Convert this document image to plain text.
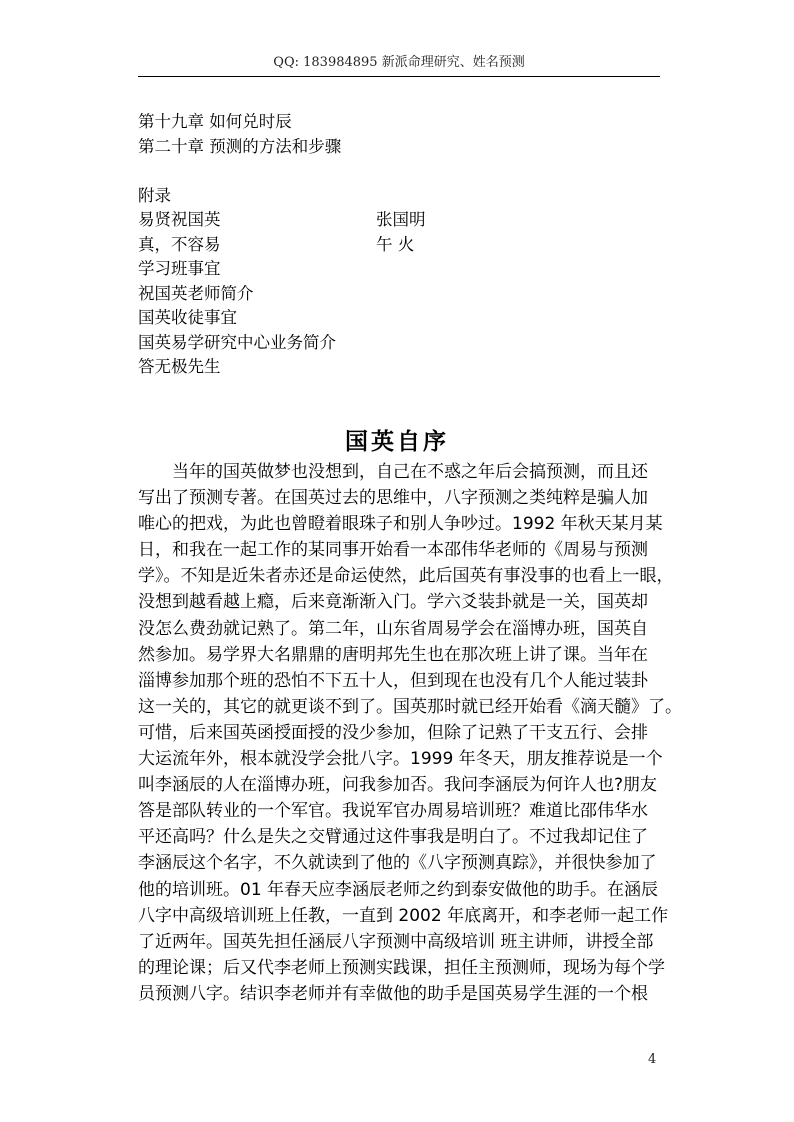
QQ: 183984895 新派命理研究、姓名预测
第十九章 如何兑时辰
第二十章 预测的方法和步骤
附录
易贤祝国英	张国明
真，不容易	午 火
学习班事宜
祝国英老师简介
国英收徒事宜
国英易学研究中心业务简介
答无极先生
国英自序
　　当年的国英做梦也没想到，自己在不惑之年后会搞预测，而且还
写出了预测专著。在国英过去的思维中，八字预测之类纯粹是骗人加
唯心的把戏，为此也曾瞪着眼珠子和别人争吵过。1992 年秋天某月某
日，和我在一起工作的某同事开始看一本邵伟华老师的《周易与预测
学》。不知是近朱者赤还是命运使然，此后国英有事没事的也看上一眼，
没想到越看越上瘾，后来竟渐渐入门。学六爻装卦就是一关，国英却
没怎么费劲就记熟了。第二年，山东省周易学会在淄博办班，国英自
然参加。易学界大名鼎鼎的唐明邦先生也在那次班上讲了课。当年在
淄博参加那个班的恐怕不下五十人，但到现在也没有几个人能过装卦
这一关的，其它的就更谈不到了。国英那时就已经开始看《滴天髓》了。
可惜，后来国英函授面授的没少参加，但除了记熟了干支五行、会排
大运流年外，根本就没学会批八字。1999 年冬天，朋友推荐说是一个
叫李涵辰的人在淄博办班，问我参加否。我问李涵辰为何许人也?朋友
答是部队转业的一个军官。我说军官办周易培训班？难道比邵伟华水
平还高吗？什么是失之交臂通过这件事我是明白了。不过我却记住了
李涵辰这个名字，不久就读到了他的《八字预测真踪》，并很快参加了
他的培训班。01 年春天应李涵辰老师之约到泰安做他的助手。在涵辰
八字中高级培训班上任教，一直到 2002 年底离开，和李老师一起工作
了近两年。国英先担任涵辰八字预测中高级培训 班主讲师，讲授全部
的理论课；后又代李老师上预测实践课，担任主预测师，现场为每个学
员预测八字。结识李老师并有幸做他的助手是国英易学生涯的一个根
4
